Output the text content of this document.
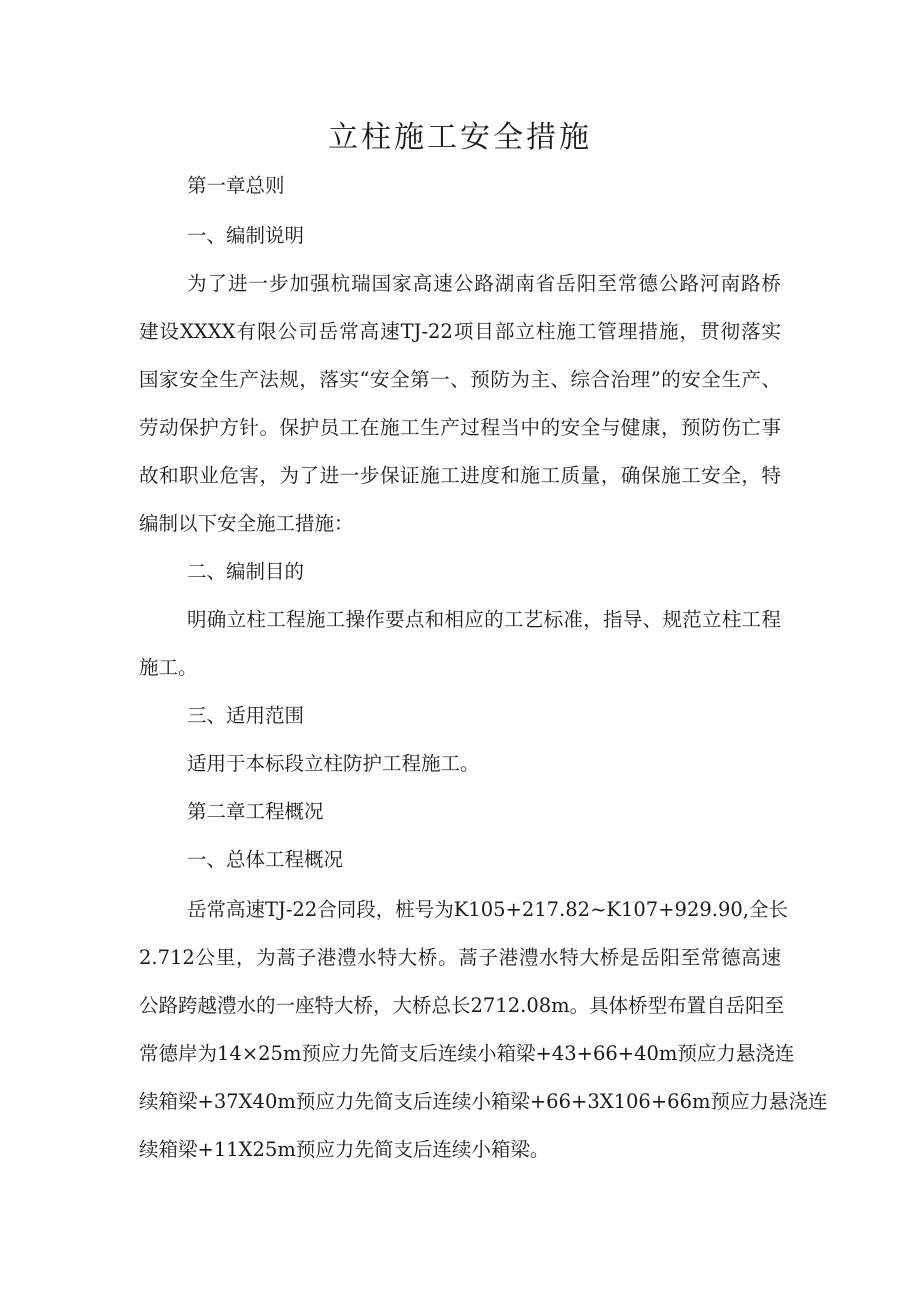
立柱施工安全措施
第一章总则
一、编制说明
为了进一步加强杭瑞国家高速公路湖南省岳阳至常德公路河南路桥
建设XXXX有限公司岳常高速TJ-22项目部立柱施工管理措施，贯彻落实
国家安全生产法规，落实“安全第一、预防为主、综合治理”的安全生产、
劳动保护方针。保护员工在施工生产过程当中的安全与健康，预防伤亡事
故和职业危害，为了进一步保证施工进度和施工质量，确保施工安全，特
编制以下安全施工措施：
二、编制目的
明确立柱工程施工操作要点和相应的工艺标准，指导、规范立柱工程
施工。
三、适用范围
适用于本标段立柱防护工程施工。
第二章工程概况
一、总体工程概况
岳常高速TJ-22合同段，桩号为K105+217.82~K107+929.90,全长
2.712公里，为蒿子港澧水特大桥。蒿子港澧水特大桥是岳阳至常德高速
公路跨越澧水的一座特大桥，大桥总长2712.08m。具体桥型布置自岳阳至
常德岸为14×25m预应力先简支后连续小箱梁+43+66+40m预应力悬浇连
续箱梁+37X40m预应力先简支后连续小箱梁+66+3X106+66m预应力悬浇连
续箱梁+11X25m预应力先简支后连续小箱梁。
